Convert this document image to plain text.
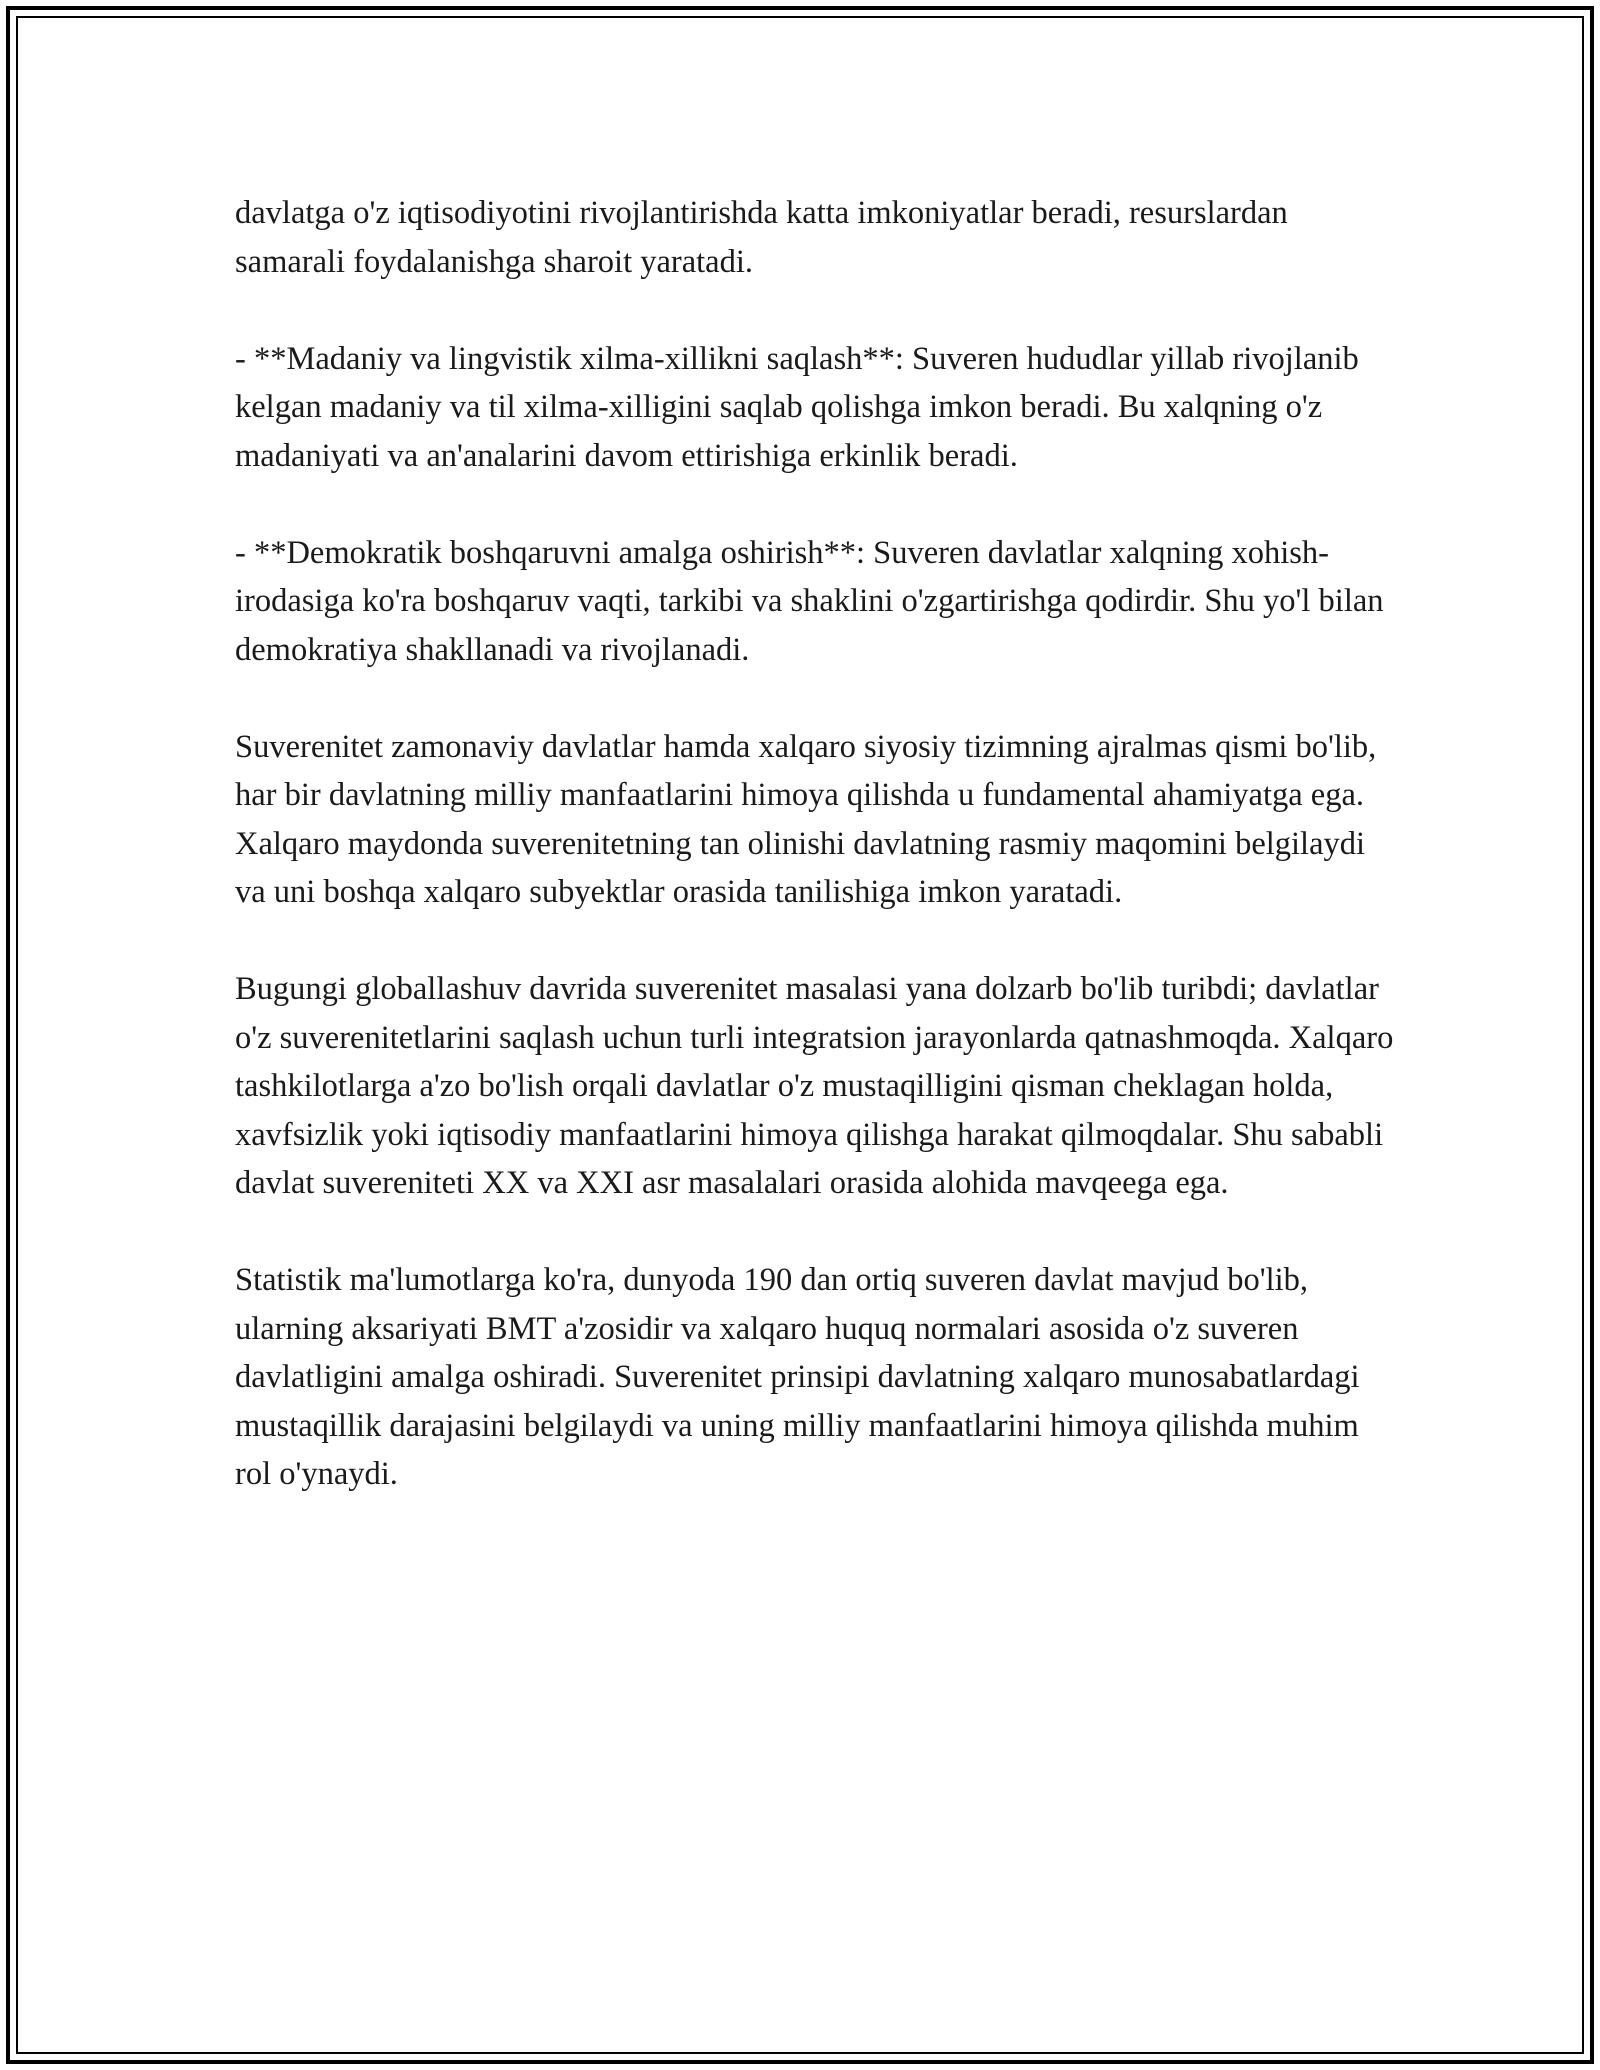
davlatga o'z iqtisodiyotini rivojlantirishda katta imkoniyatlar beradi, resurslardan samarali foydalanishga sharoit yaratadi.

- **Madaniy va lingvistik xilma-xillikni saqlash**: Suveren hududlar yillab rivojlanib kelgan madaniy va til xilma-xilligini saqlab qolishga imkon beradi. Bu xalqning o'z madaniyati va an'analarini davom ettirishiga erkinlik beradi.

- **Demokratik boshqaruvni amalga oshirish**: Suveren davlatlar xalqning xohish-irodasiga ko'ra boshqaruv vaqti, tarkibi va shaklini o'zgartirishga qodirdir. Shu yo'l bilan demokratiya shakllanadi va rivojlanadi.

Suverenitet zamonaviy davlatlar hamda xalqaro siyosiy tizimning ajralmas qismi bo'lib, har bir davlatning milliy manfaatlarini himoya qilishda u fundamental ahamiyatga ega. Xalqaro maydonda suverenitetning tan olinishi davlatning rasmiy maqomini belgilaydi va uni boshqa xalqaro subyektlar orasida tanilishiga imkon yaratadi.

Bugungi globallashuv davrida suverenitet masalasi yana dolzarb bo'lib turibdi; davlatlar o'z suverenitetlarini saqlash uchun turli integratsion jarayonlarda qatnashmoqda. Xalqaro tashkilotlarga a'zo bo'lish orqali davlatlar o'z mustaqilligini qisman cheklagan holda, xavfsizlik yoki iqtisodiy manfaatlarini himoya qilishga harakat qilmoqdalar. Shu sababli davlat suvereniteti XX va XXI asr masalalari orasida alohida mavqeega ega.

Statistik ma'lumotlarga ko'ra, dunyoda 190 dan ortiq suveren davlat mavjud bo'lib, ularning aksariyati BMT a'zosidir va xalqaro huquq normalari asosida o'z suveren davlatligini amalga oshiradi. Suverenitet prinsipi davlatning xalqaro munosabatlardagi mustaqillik darajasini belgilaydi va uning milliy manfaatlarini himoya qilishda muhim rol o'ynaydi.
